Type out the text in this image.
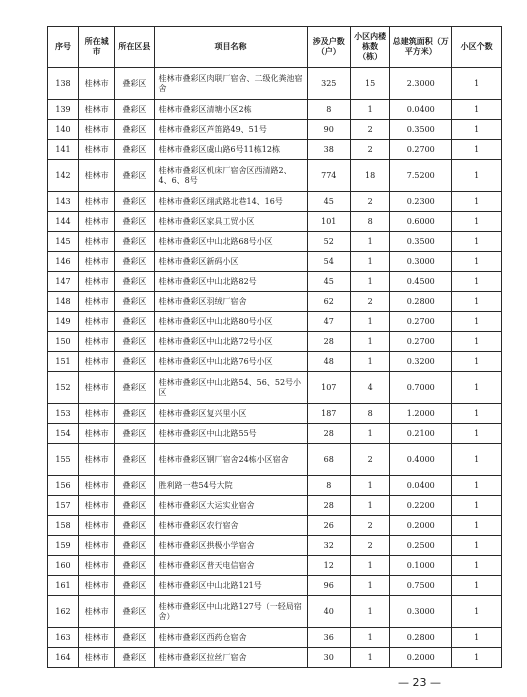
序号	所在城市	所在区县	项目名称	涉及户数（户）	小区内楼栋数（栋）	总建筑面积（万平方米）	小区个数
138	桂林市	叠彩区	桂林市叠彩区肉联厂宿舍、二级化粪池宿舍	325	15	2.3000	1
139	桂林市	叠彩区	桂林市叠彩区清塘小区2栋	8	1	0.0400	1
140	桂林市	叠彩区	桂林市叠彩区芦笛路49、51号	90	2	0.3500	1
141	桂林市	叠彩区	桂林市叠彩区虞山路6号11栋12栋	38	2	0.2700	1
142	桂林市	叠彩区	桂林市叠彩区机床厂宿舍区西清路2、4、6、8号	774	18	7.5200	1
143	桂林市	叠彩区	桂林市叠彩区翊武路北巷14、16号	45	2	0.2300	1
144	桂林市	叠彩区	桂林市叠彩区家具工贸小区	101	8	0.6000	1
145	桂林市	叠彩区	桂林市叠彩区中山北路68号小区	52	1	0.3500	1
146	桂林市	叠彩区	桂林市叠彩区新码小区	54	1	0.3000	1
147	桂林市	叠彩区	桂林市叠彩区中山北路82号	45	1	0.4500	1
148	桂林市	叠彩区	桂林市叠彩区羽绒厂宿舍	62	2	0.2800	1
149	桂林市	叠彩区	桂林市叠彩区中山北路80号小区	47	1	0.2700	1
150	桂林市	叠彩区	桂林市叠彩区中山北路72号小区	28	1	0.2700	1
151	桂林市	叠彩区	桂林市叠彩区中山北路76号小区	48	1	0.3200	1
152	桂林市	叠彩区	桂林市叠彩区中山北路54、56、52号小区	107	4	0.7000	1
153	桂林市	叠彩区	桂林市叠彩区复兴里小区	187	8	1.2000	1
154	桂林市	叠彩区	桂林市叠彩区中山北路55号	28	1	0.2100	1
155	桂林市	叠彩区	桂林市叠彩区钢厂宿舍24栋小区宿舍	68	2	0.4000	1
156	桂林市	叠彩区	胜利路一巷54号大院	8	1	0.0400	1
157	桂林市	叠彩区	桂林市叠彩区大运实业宿舍	28	1	0.2200	1
158	桂林市	叠彩区	桂林市叠彩区农行宿舍	26	2	0.2000	1
159	桂林市	叠彩区	桂林市叠彩区拱极小学宿舍	32	2	0.2500	1
160	桂林市	叠彩区	桂林市叠彩区普天电信宿舍	12	1	0.1000	1
161	桂林市	叠彩区	桂林市叠彩区中山北路121号	96	1	0.7500	1
162	桂林市	叠彩区	桂林市叠彩区中山北路127号（一轻局宿舍）	40	1	0.3000	1
163	桂林市	叠彩区	桂林市叠彩区西药仓宿舍	36	1	0.2800	1
164	桂林市	叠彩区	桂林市叠彩区拉丝厂宿舍	30	1	0.2000	1
— 23 —
